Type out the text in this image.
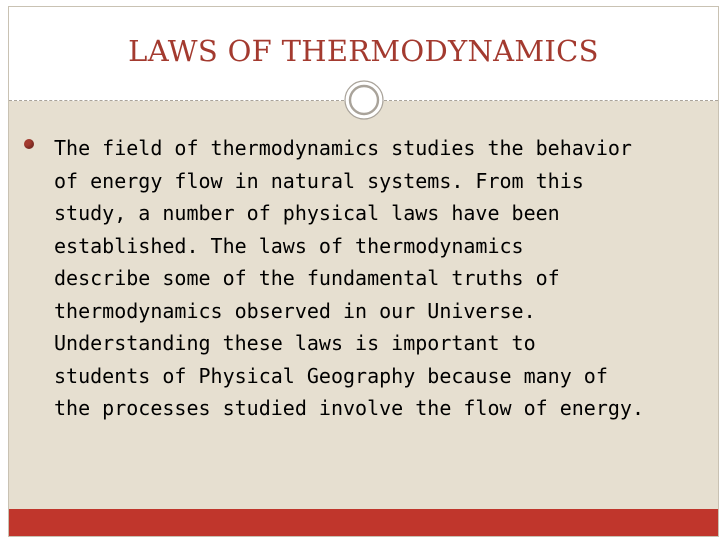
LAWS OF THERMODYNAMICS

The field of thermodynamics studies the behavior
of energy flow in natural systems. From this
study, a number of physical laws have been
established. The laws of thermodynamics
describe some of the fundamental truths of
thermodynamics observed in our Universe.
Understanding these laws is important to
students of Physical Geography because many of
the processes studied involve the flow of energy.
